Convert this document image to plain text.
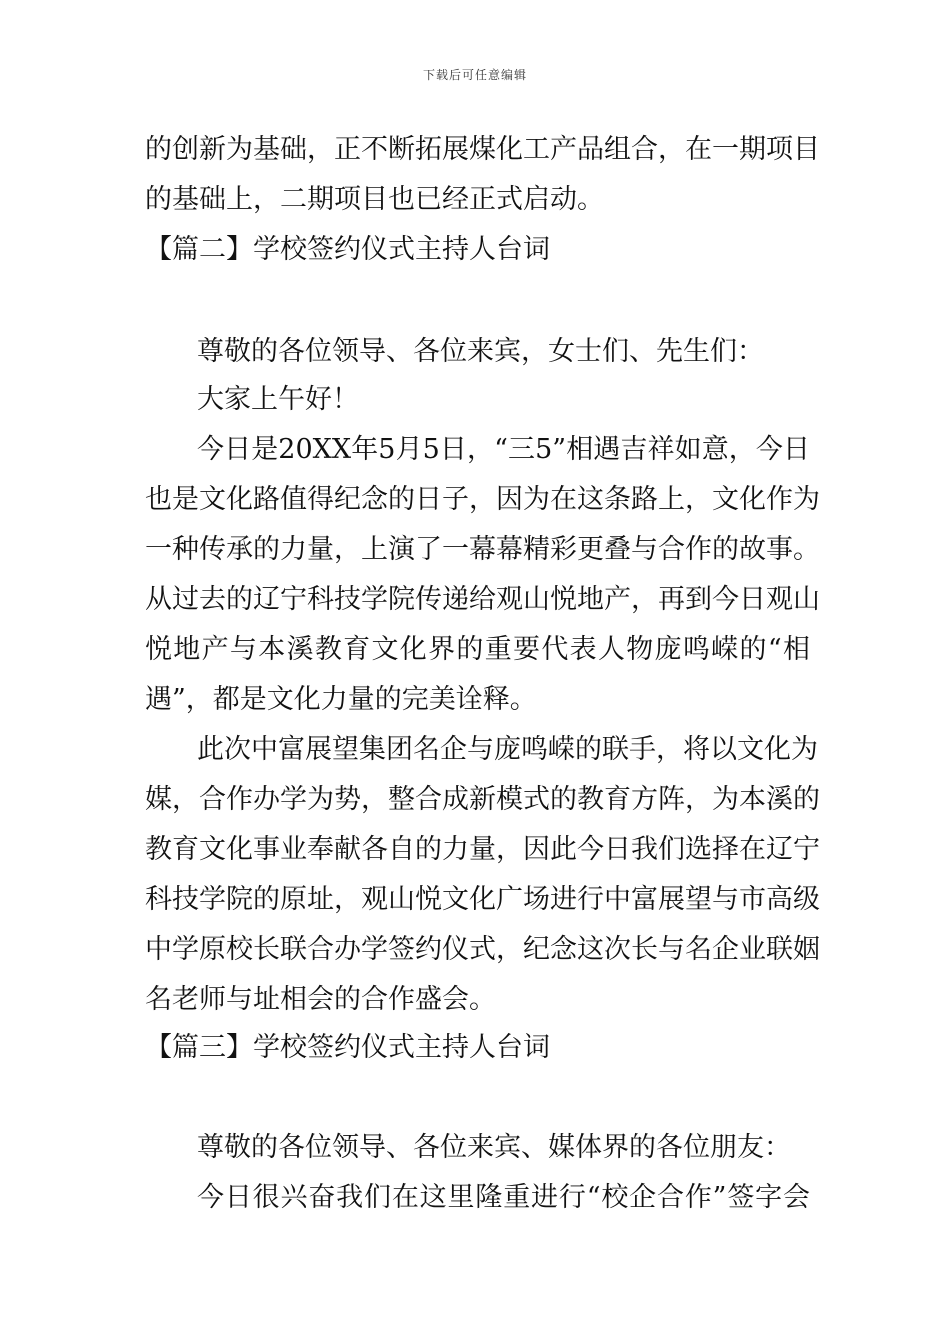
下载后可任意编辑
的创新为基础，正不断拓展煤化工产品组合，在一期项目
的基础上，二期项目也已经正式启动。
【篇二】学校签约仪式主持人台词
尊敬的各位领导、各位来宾，女士们、先生们：
大家上午好！
今日是20XX年5月5日，“三5”相遇吉祥如意，今日
也是文化路值得纪念的日子，因为在这条路上，文化作为
一种传承的力量，上演了一幕幕精彩更叠与合作的故事。
从过去的辽宁科技学院传递给观山悦地产，再到今日观山
悦地产与本溪教育文化界的重要代表人物庞鸣嵘的“相
遇”，都是文化力量的完美诠释。
此次中富展望集团名企与庞鸣嵘的联手，将以文化为
媒，合作办学为势，整合成新模式的教育方阵，为本溪的
教育文化事业奉献各自的力量，因此今日我们选择在辽宁
科技学院的原址，观山悦文化广场进行中富展望与市高级
中学原校长联合办学签约仪式，纪念这次长与名企业联姻
名老师与址相会的合作盛会。
【篇三】学校签约仪式主持人台词
尊敬的各位领导、各位来宾、媒体界的各位朋友：
今日很兴奋我们在这里隆重进行“校企合作”签字会
